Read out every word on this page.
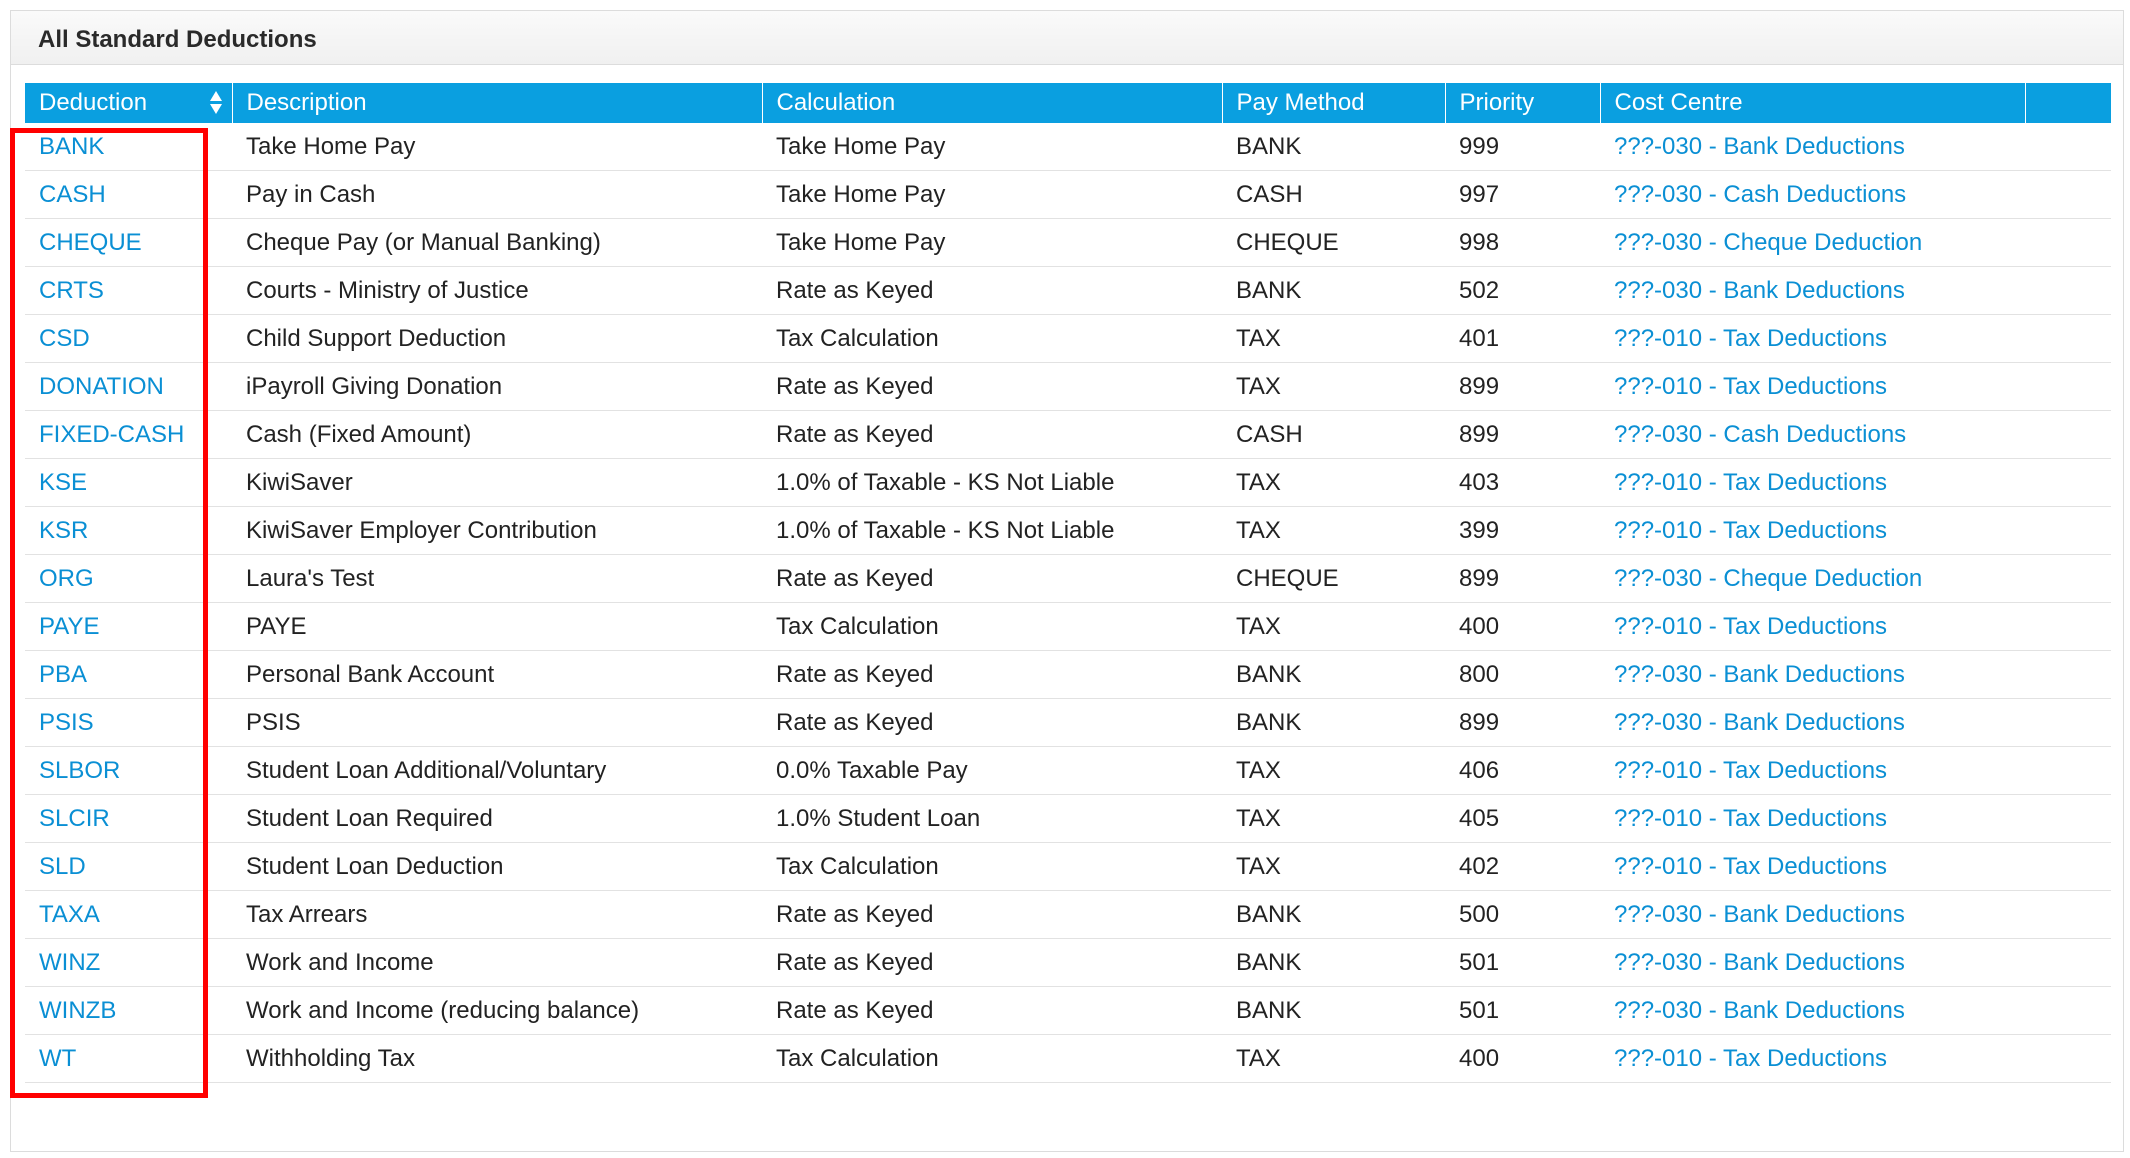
All Standard Deductions
Deduction	Description	Calculation	Pay Method	Priority	Cost Centre	
BANK	Take Home Pay	Take Home Pay	BANK	999	???-030 - Bank Deductions	
CASH	Pay in Cash	Take Home Pay	CASH	997	???-030 - Cash Deductions	
CHEQUE	Cheque Pay (or Manual Banking)	Take Home Pay	CHEQUE	998	???-030 - Cheque Deduction	
CRTS	Courts - Ministry of Justice	Rate as Keyed	BANK	502	???-030 - Bank Deductions	
CSD	Child Support Deduction	Tax Calculation	TAX	401	???-010 - Tax Deductions	
DONATION	iPayroll Giving Donation	Rate as Keyed	TAX	899	???-010 - Tax Deductions	
FIXED-CASH	Cash (Fixed Amount)	Rate as Keyed	CASH	899	???-030 - Cash Deductions	
KSE	KiwiSaver	1.0% of Taxable - KS Not Liable	TAX	403	???-010 - Tax Deductions	
KSR	KiwiSaver Employer Contribution	1.0% of Taxable - KS Not Liable	TAX	399	???-010 - Tax Deductions	
ORG	Laura's Test	Rate as Keyed	CHEQUE	899	???-030 - Cheque Deduction	
PAYE	PAYE	Tax Calculation	TAX	400	???-010 - Tax Deductions	
PBA	Personal Bank Account	Rate as Keyed	BANK	800	???-030 - Bank Deductions	
PSIS	PSIS	Rate as Keyed	BANK	899	???-030 - Bank Deductions	
SLBOR	Student Loan Additional/Voluntary	0.0% Taxable Pay	TAX	406	???-010 - Tax Deductions	
SLCIR	Student Loan Required	1.0% Student Loan	TAX	405	???-010 - Tax Deductions	
SLD	Student Loan Deduction	Tax Calculation	TAX	402	???-010 - Tax Deductions	
TAXA	Tax Arrears	Rate as Keyed	BANK	500	???-030 - Bank Deductions	
WINZ	Work and Income	Rate as Keyed	BANK	501	???-030 - Bank Deductions	
WINZB	Work and Income (reducing balance)	Rate as Keyed	BANK	501	???-030 - Bank Deductions	
WT	Withholding Tax	Tax Calculation	TAX	400	???-010 - Tax Deductions	
